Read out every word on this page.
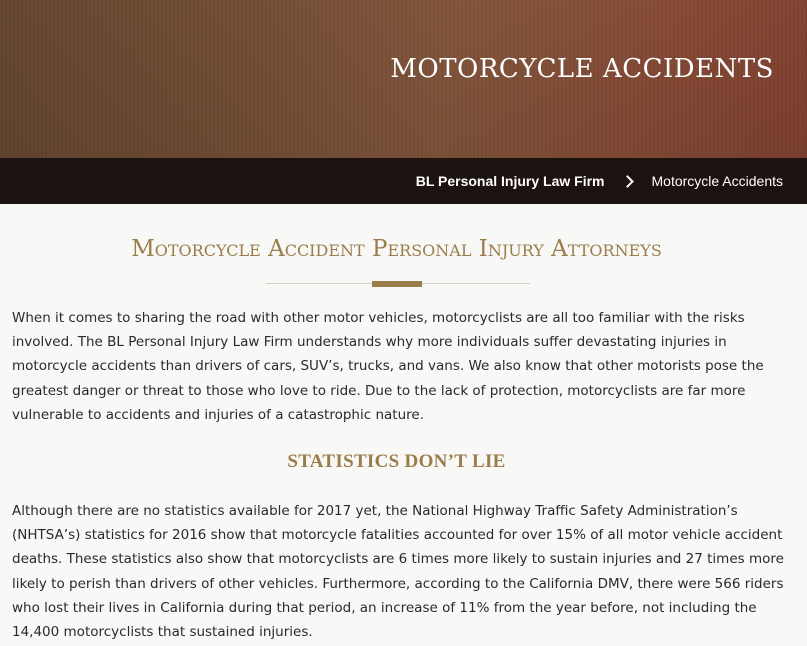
MOTORCYCLE ACCIDENTS
BL Personal Injury Law Firm	Motorcycle Accidents
Motorcycle Accident Personal Injury Attorneys

When it comes to sharing the road with other motor vehicles, motorcyclists are all too familiar with the risks involved. The BL Personal Injury Law Firm understands why more individuals suffer devastating injuries in motorcycle accidents than drivers of cars, SUV’s, trucks, and vans. We also know that other motorists pose the greatest danger or threat to those who love to ride. Due to the lack of protection, motorcyclists are far more vulnerable to accidents and injuries of a catastrophic nature.

STATISTICS DON’T LIE

Although there are no statistics available for 2017 yet, the National Highway Traffic Safety Administration’s (NHTSA’s) statistics for 2016 show that motorcycle fatalities accounted for over 15% of all motor vehicle accident deaths. These statistics also show that motorcyclists are 6 times more likely to sustain injuries and 27 times more likely to perish than drivers of other vehicles. Furthermore, according to the California DMV, there were 566 riders who lost their lives in California during that period, an increase of 11% from the year before, not including the 14,400 motorcyclists that sustained injuries.
